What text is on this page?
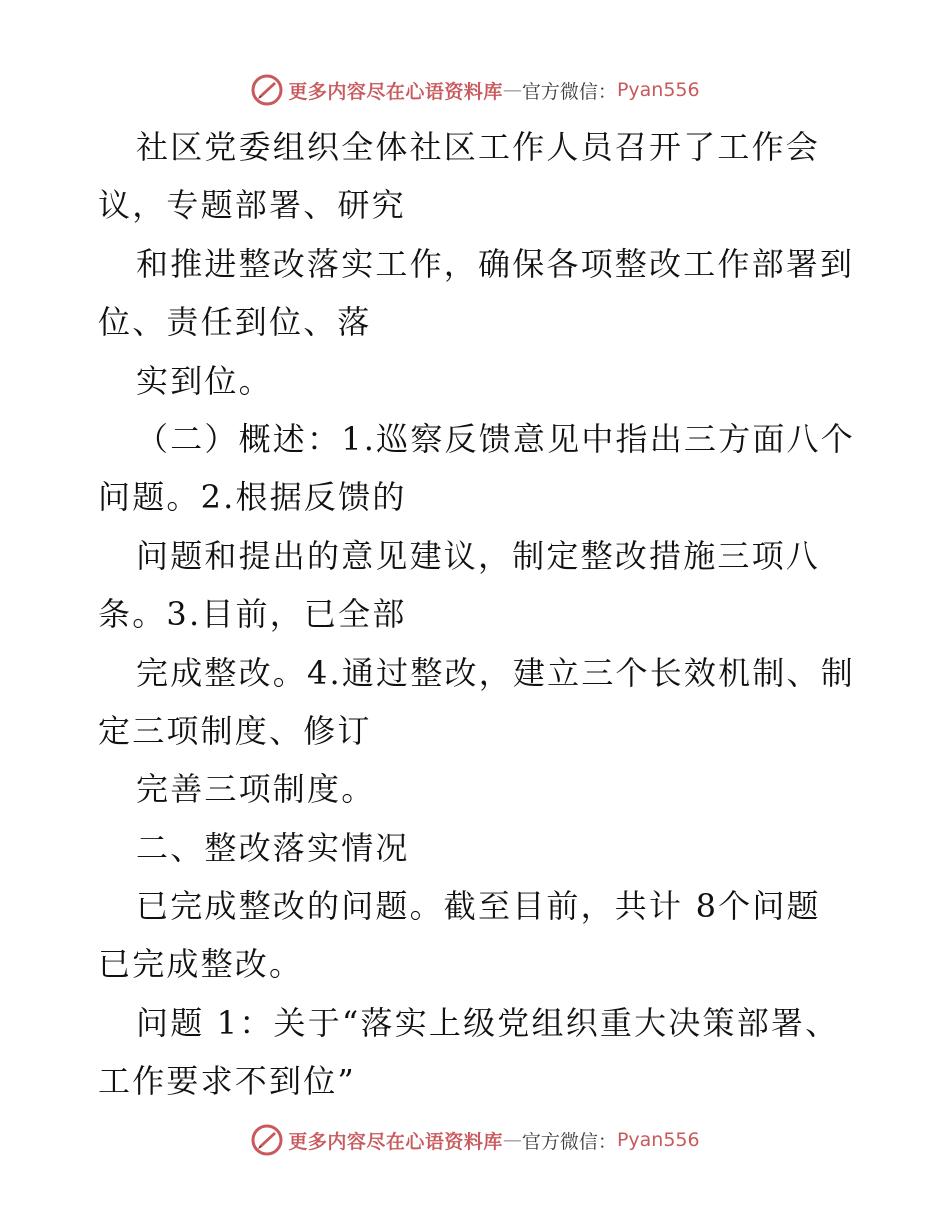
更多内容尽在心语资料库 — 官方微信： Pyan556
社区党委组织全体社区工作人员召开了工作会
议，专题部署、研究
和推进整改落实工作，确保各项整改工作部署到
位、责任到位、落
实到位。
（二）概述：1.巡察反馈意见中指出三方面八个
问题。2.根据反馈的
问题和提出的意见建议，制定整改措施三项八
条。3.目前，已全部
完成整改。4.通过整改，建立三个长效机制、制
定三项制度、修订
完善三项制度。
二、整改落实情况
已完成整改的问题。截至目前，共计 8个问题
已完成整改。
问题 1：关于“落实上级党组织重大决策部署、
工作要求不到位”
更多内容尽在心语资料库 — 官方微信： Pyan556
